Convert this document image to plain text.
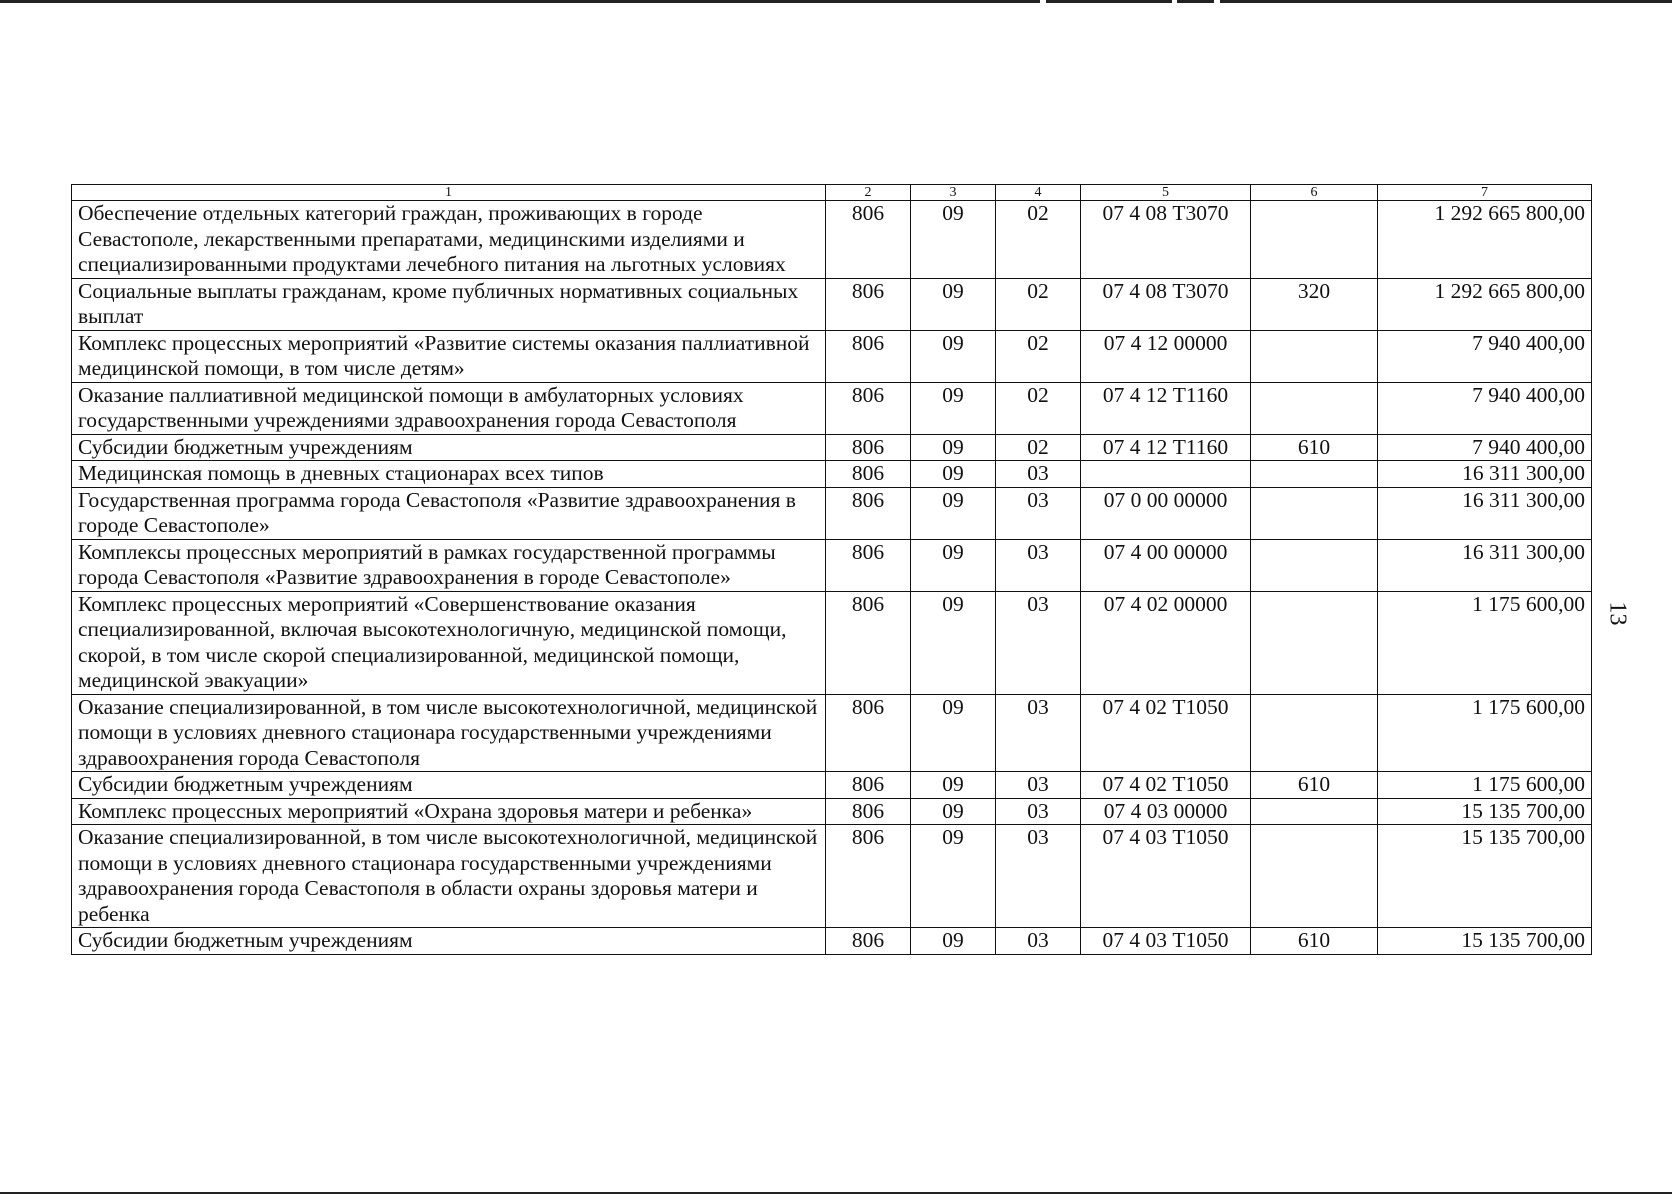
13
1	2	3	4	5	6	7
Обеспечение отдельных категорий граждан, проживающих в городе Севастополе, лекарственными препаратами, медицинскими изделиями и специализированными продуктами лечебного питания на льготных условиях	806	09	02	07 4 08 Т3070		1 292 665 800,00
Социальные выплаты гражданам, кроме публичных нормативных социальных выплат	806	09	02	07 4 08 Т3070	320	1 292 665 800,00
Комплекс процессных мероприятий «Развитие системы оказания паллиативной медицинской помощи, в том числе детям»	806	09	02	07 4 12 00000		7 940 400,00
Оказание паллиативной медицинской помощи в амбулаторных условиях государственными учреждениями здравоохранения города Севастополя	806	09	02	07 4 12 Т1160		7 940 400,00
Субсидии бюджетным учреждениям	806	09	02	07 4 12 Т1160	610	7 940 400,00
Медицинская помощь в дневных стационарах всех типов	806	09	03			16 311 300,00
Государственная программа города Севастополя «Развитие здравоохранения в городе Севастополе»	806	09	03	07 0 00 00000		16 311 300,00
Комплексы процессных мероприятий в рамках государственной программы города Севастополя «Развитие здравоохранения в городе Севастополе»	806	09	03	07 4 00 00000		16 311 300,00
Комплекс процессных мероприятий «Совершенствование оказания специализированной, включая высокотехнологичную, медицинской помощи, скорой, в том числе скорой специализированной, медицинской помощи, медицинской эвакуации»	806	09	03	07 4 02 00000		1 175 600,00
Оказание специализированной, в том числе высокотехнологичной, медицинской помощи в условиях дневного стационара государственными учреждениями здравоохранения города Севастополя	806	09	03	07 4 02 Т1050		1 175 600,00
Субсидии бюджетным учреждениям	806	09	03	07 4 02 Т1050	610	1 175 600,00
Комплекс процессных мероприятий «Охрана здоровья матери и ребенка»	806	09	03	07 4 03 00000		15 135 700,00
Оказание специализированной, в том числе высокотехнологичной, медицинской помощи в условиях дневного стационара государственными учреждениями здравоохранения города Севастополя в области охраны здоровья матери и ребенка	806	09	03	07 4 03 Т1050		15 135 700,00
Субсидии бюджетным учреждениям	806	09	03	07 4 03 Т1050	610	15 135 700,00
